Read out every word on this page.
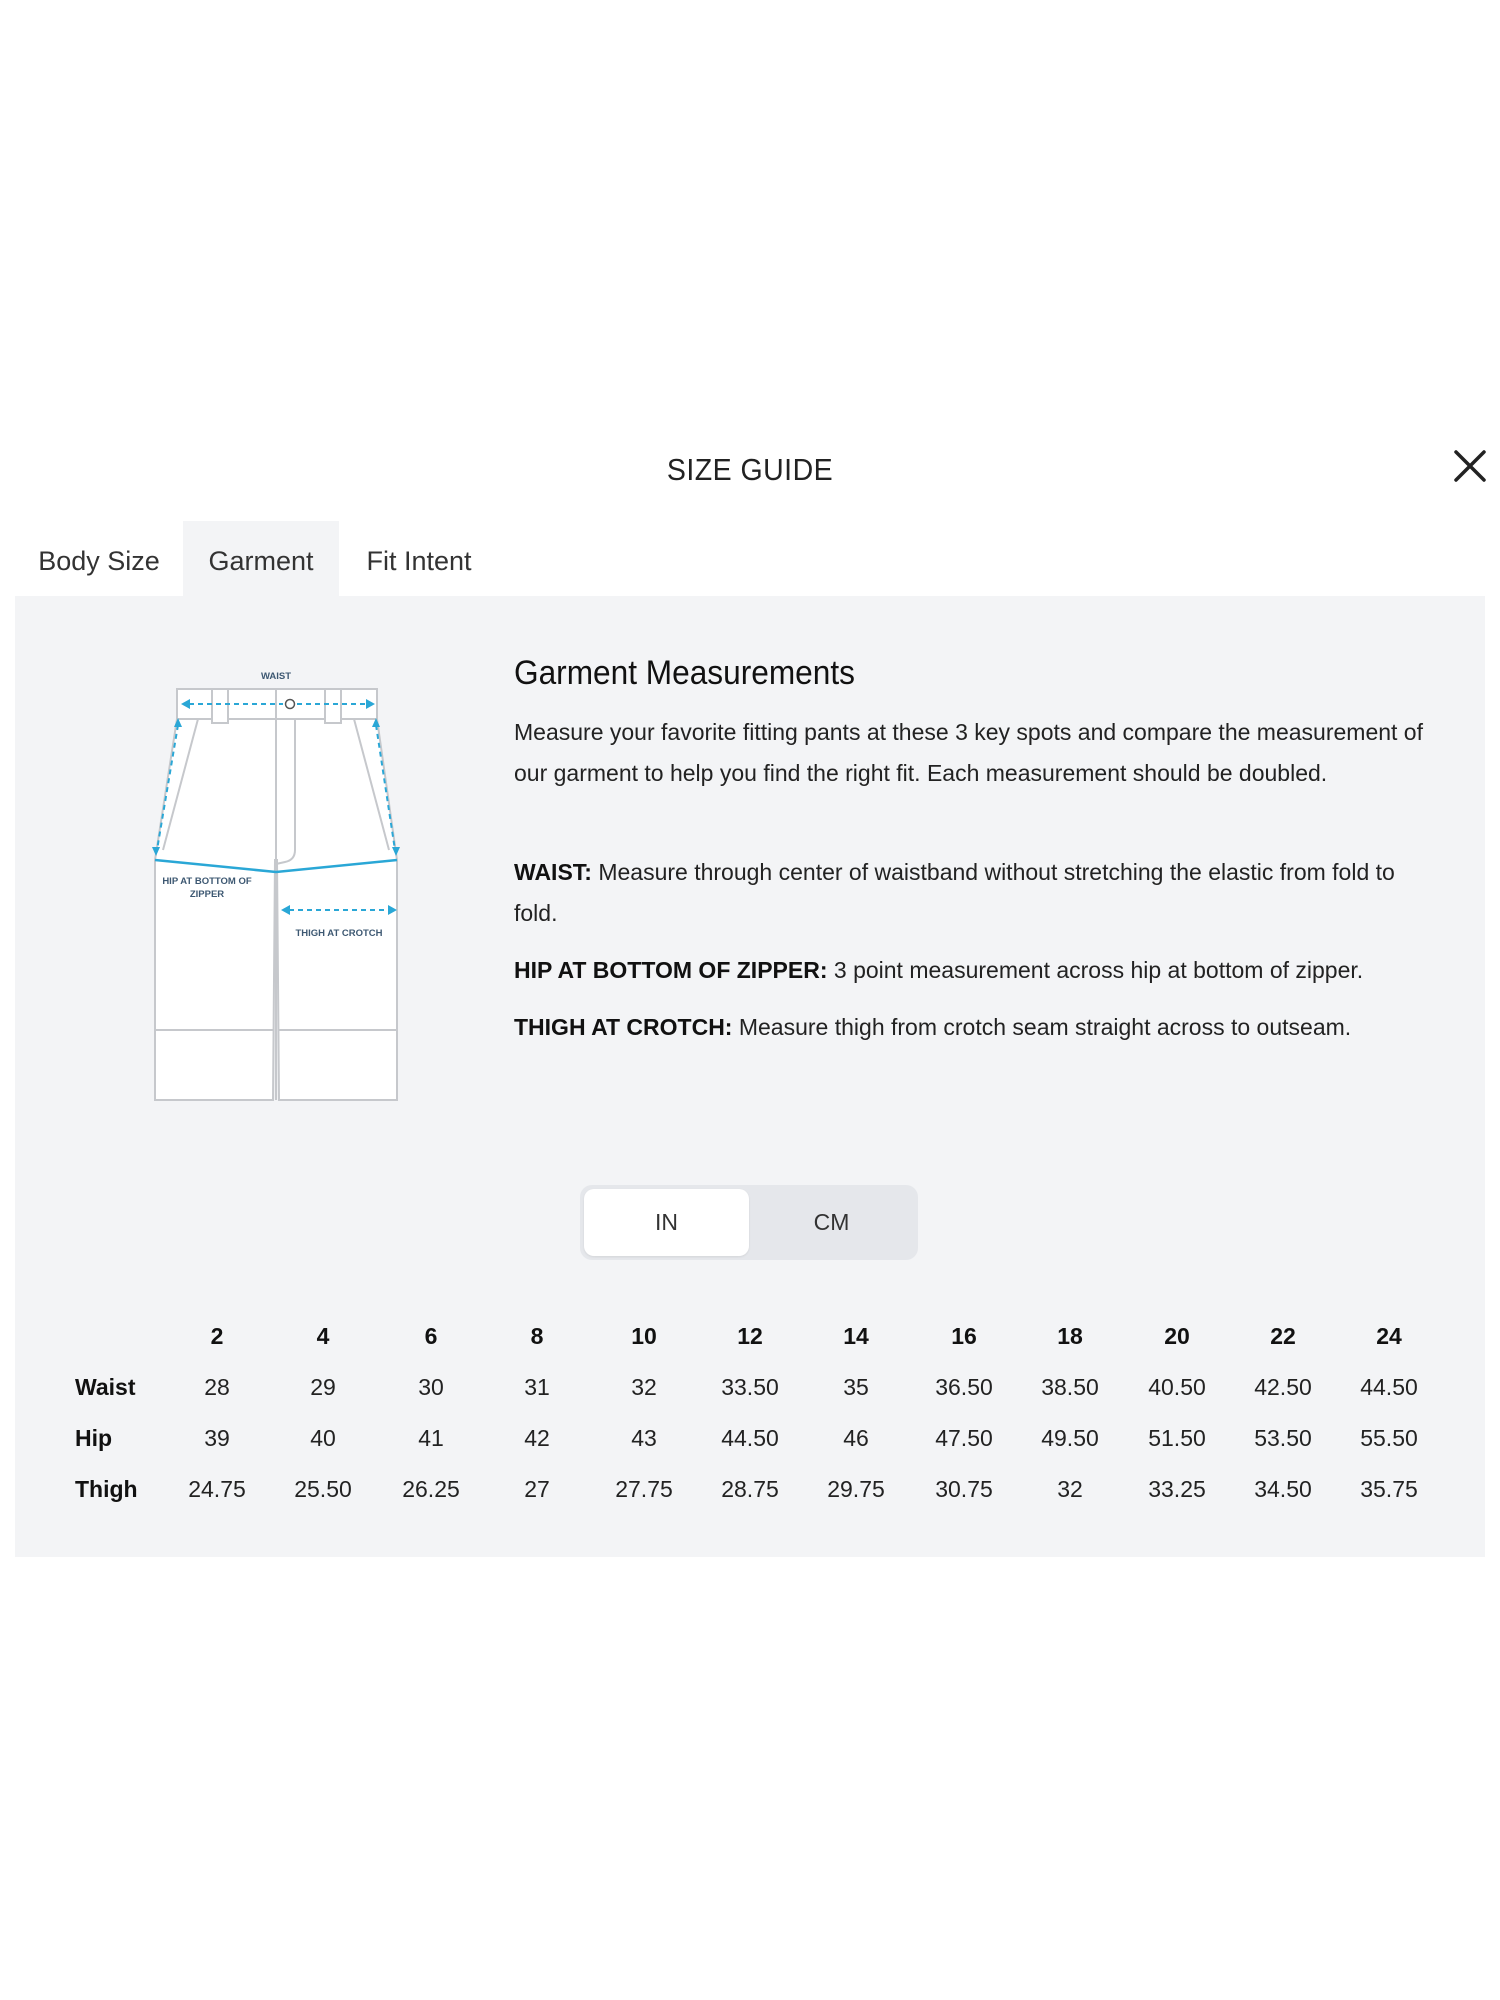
SIZE GUIDE
Body Size	Garment	Fit Intent
WAIST
HIP AT BOTTOM OF
ZIPPER
THIGH AT CROTCH
Garment Measurements
Measure your favorite fitting pants at these 3 key spots and compare the measurement of
our garment to help you find the right fit. Each measurement should be doubled.
WAIST: Measure through center of waistband without stretching the elastic from fold to
fold.
HIP AT BOTTOM OF ZIPPER: 3 point measurement across hip at bottom of zipper.
THIGH AT CROTCH: Measure thigh from crotch seam straight across to outseam.
IN	CM
2	4	6	8	10	12	14	16	18	20	22	24
Waist	28	29	30	31	32	33.50	35	36.50	38.50	40.50	42.50	44.50
Hip	39	40	41	42	43	44.50	46	47.50	49.50	51.50	53.50	55.50
Thigh	24.75	25.50	26.25	27	27.75	28.75	29.75	30.75	32	33.25	34.50	35.75
